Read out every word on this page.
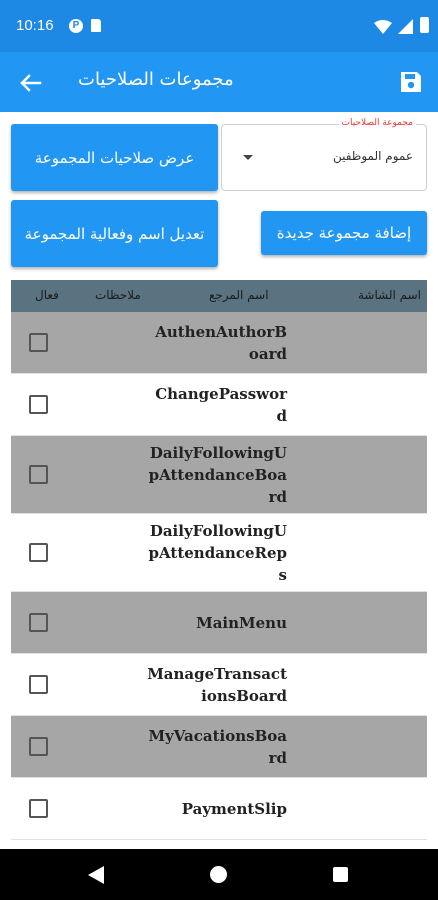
10:16	P
مجموعات الصلاحيات
عرض صلاحيات المجموعة
مجموعة الصلاحيات
عموم الموظفين
تعديل اسم وفعالية المجموعة	إضافة مجموعة جديدة
اسم الشاشة
اسم المرجع
ملاحظات
فعال
AuthenAuthorBoard
ChangePassword
DailyFollowingUpAttendanceBoard
DailyFollowingUpAttendanceReps
MainMenu
ManageTransactionsBoard
MyVacationsBoard
PaymentSlip
